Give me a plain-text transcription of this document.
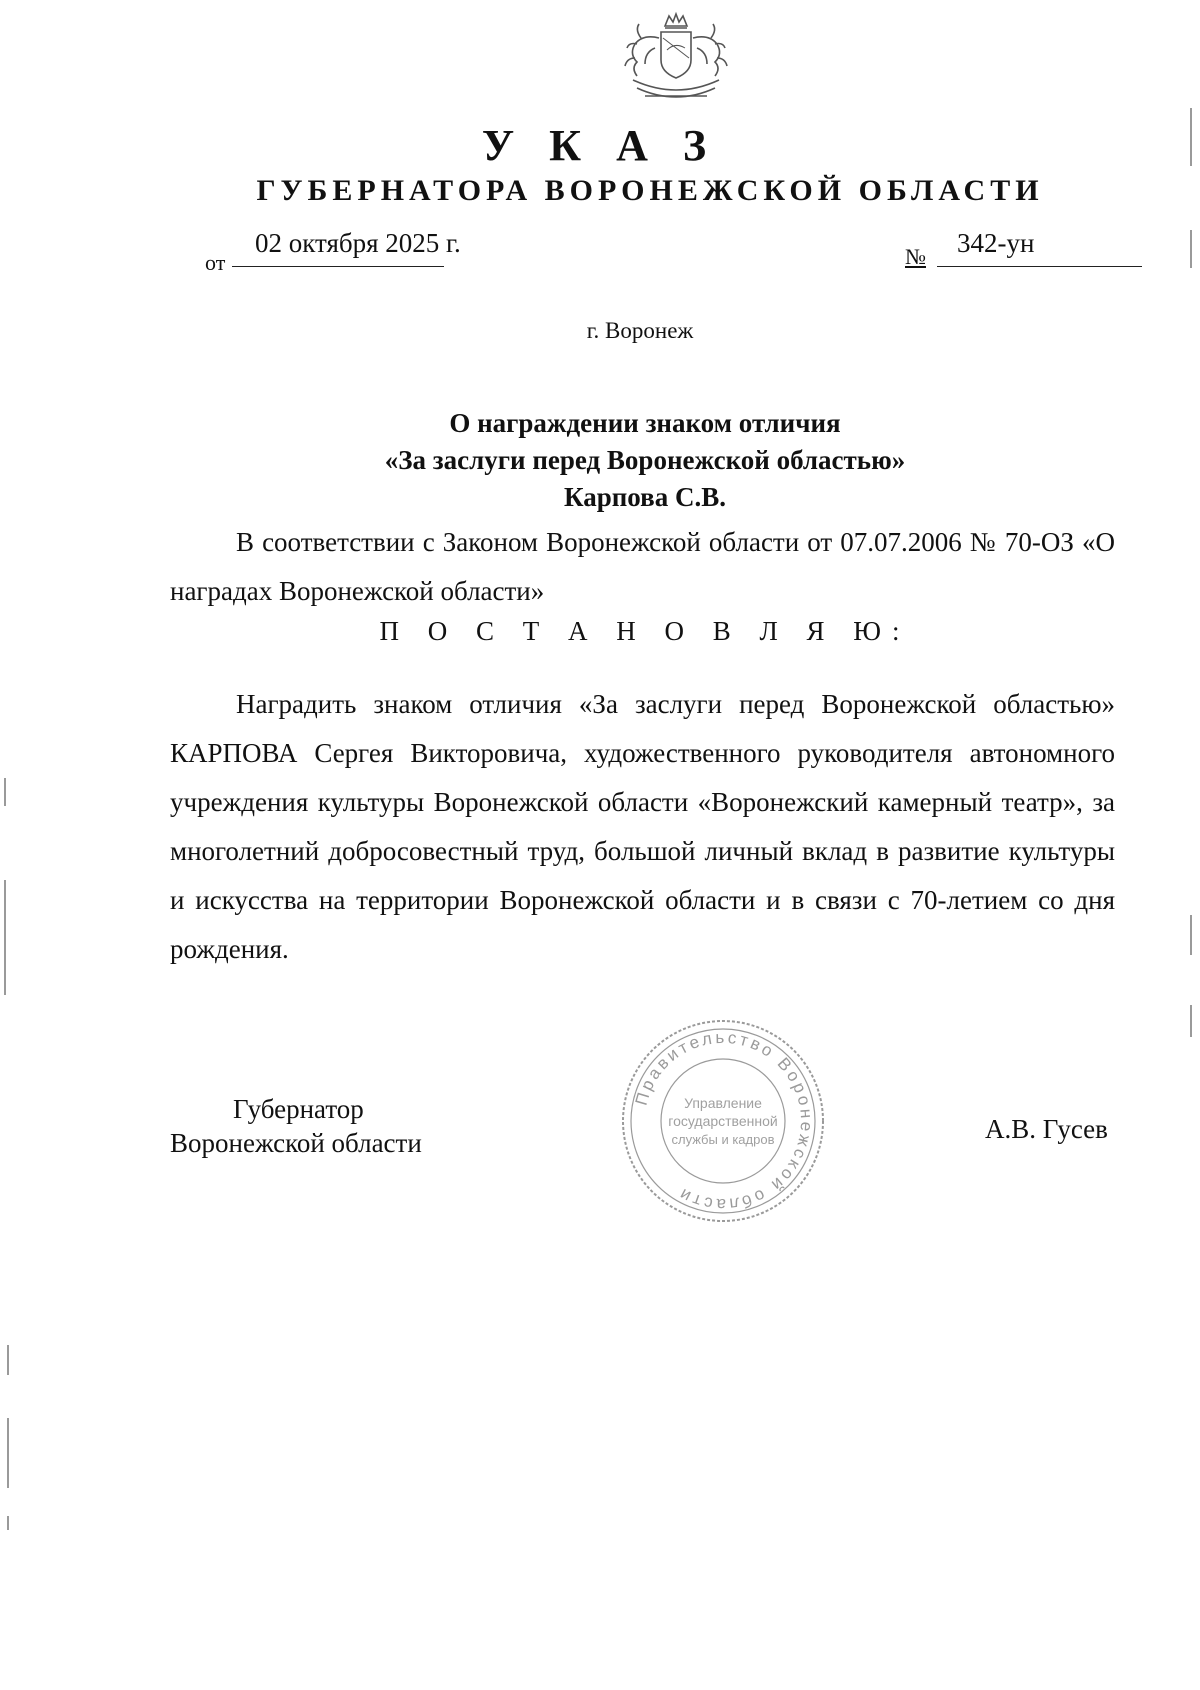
У К А З
ГУБЕРНАТОРА ВОРОНЕЖСКОЙ ОБЛАСТИ
от
02 октября 2025 г.	№ 342-ун
г. Воронеж
О награждении знаком отличия
«За заслуги перед Воронежской областью»
Карпова С.В.
В соответствии с Законом Воронежской области от 07.07.2006 № 70-ОЗ «О наградах Воронежской области»
П О С Т А Н О В Л Я Ю:
Наградить знаком отличия «За заслуги перед Воронежской областью» КАРПОВА Сергея Викторовича, художественного руководителя автономного учреждения культуры Воронежской области «Воронежский камерный театр», за многолетний добросовестный труд, большой личный вклад в развитие культуры и искусства на территории Воронежской области и в связи с 70-летием со дня рождения.
Губернатор
Воронежской области
Правительство Воронежской области
Управление
государственной
службы и кадров	А.В. Гусев
